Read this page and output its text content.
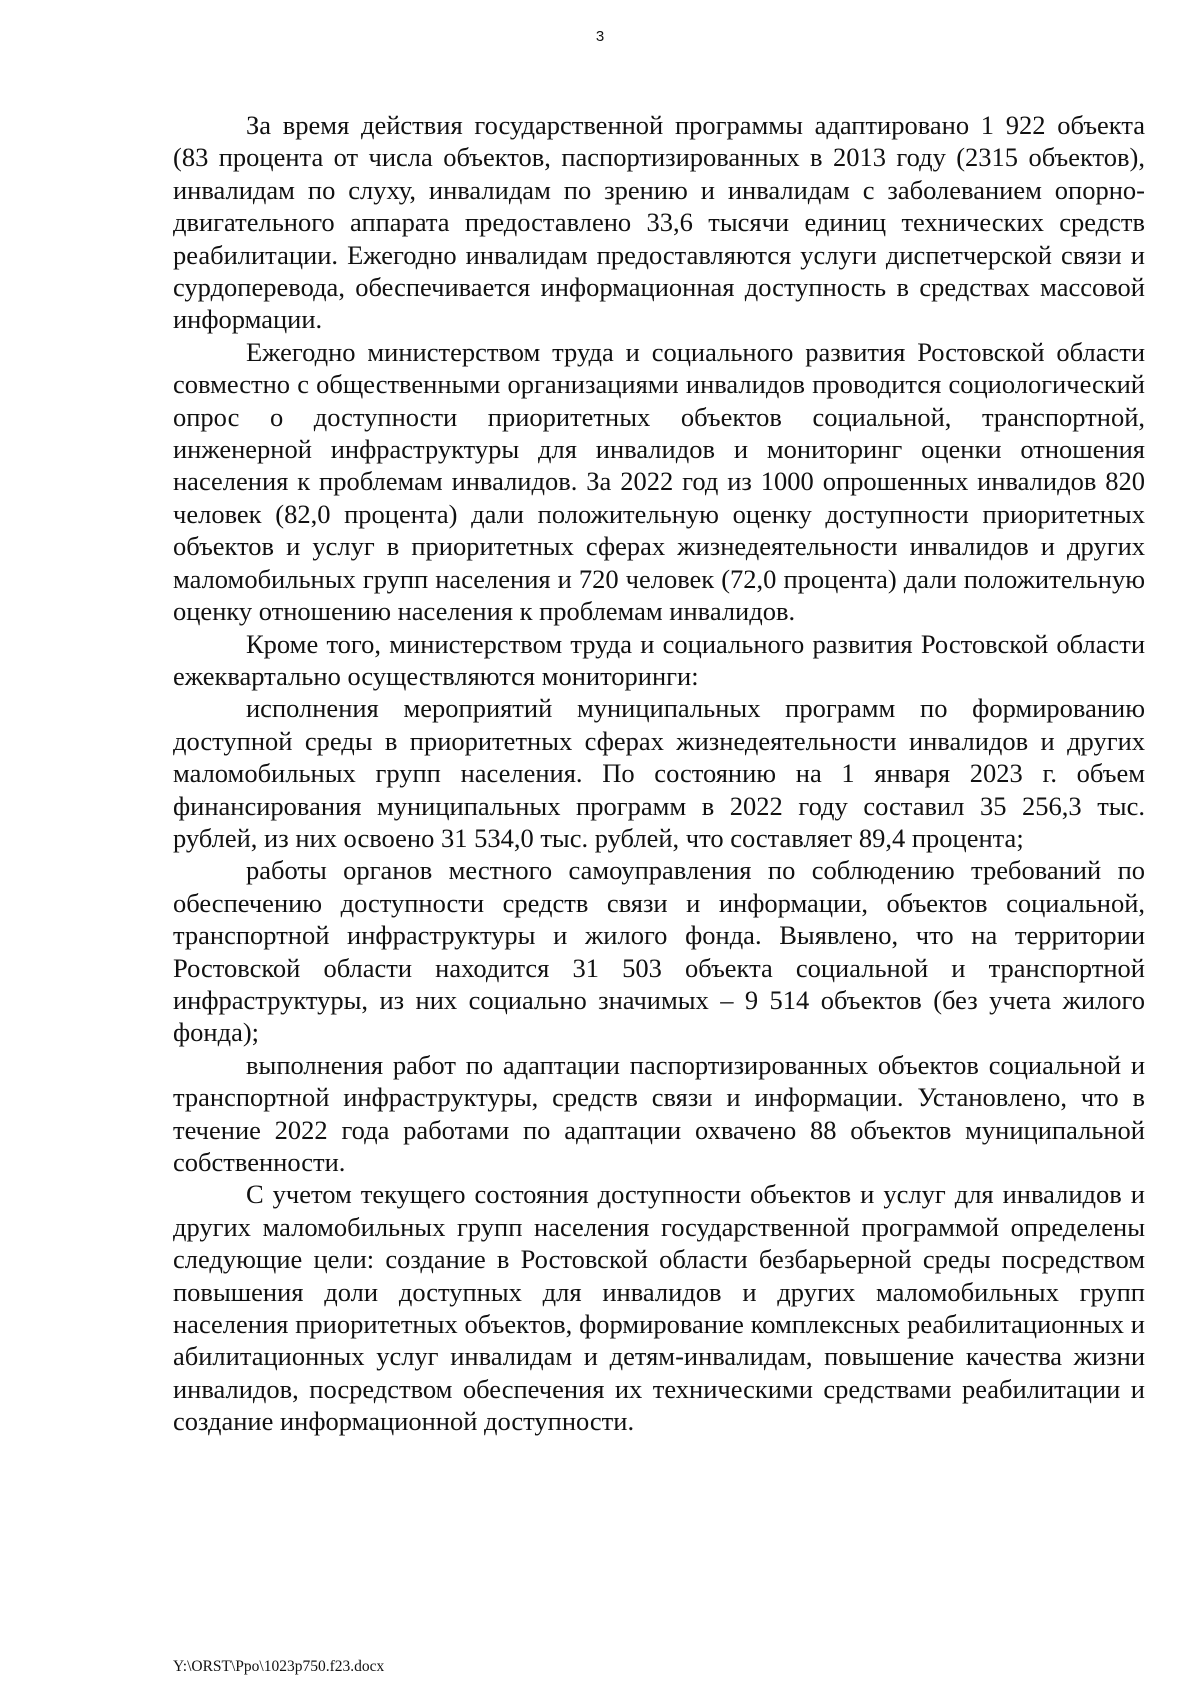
3

За время действия государственной программы адаптировано 1 922 объекта (83 процента от числа объектов, паспортизированных в 2013 году (2315 объектов), инвалидам по слуху, инвалидам по зрению и инвалидам с заболеванием опорно-двигательного аппарата предоставлено 33,6 тысячи единиц технических средств реабилитации. Ежегодно инвалидам предоставляются услуги диспетчерской связи и сурдоперевода, обеспечивается информационная доступность в средствах массовой информации.

Ежегодно министерством труда и социального развития Ростовской области совместно с общественными организациями инвалидов проводится социологический опрос о доступности приоритетных объектов социальной, транспортной, инженерной инфраструктуры для инвалидов и мониторинг оценки отношения населения к проблемам инвалидов. За 2022 год из 1000 опрошенных инвалидов 820 человек (82,0 процента) дали положительную оценку доступности приоритетных объектов и услуг в приоритетных сферах жизнедеятельности инвалидов и других маломобильных групп населения и 720 человек (72,0 процента) дали положительную оценку отношению населения к проблемам инвалидов.

Кроме того, министерством труда и социального развития Ростовской области ежеквартально осуществляются мониторинги:

исполнения мероприятий муниципальных программ по формированию доступной среды в приоритетных сферах жизнедеятельности инвалидов и других маломобильных групп населения. По состоянию на 1 января 2023 г. объем финансирования муниципальных программ в 2022 году составил 35 256,3 тыс. рублей, из них освоено 31 534,0 тыс. рублей, что составляет 89,4 процента;

работы органов местного самоуправления по соблюдению требований по обеспечению доступности средств связи и информации, объектов социальной, транспортной инфраструктуры и жилого фонда. Выявлено, что на территории Ростовской области находится 31 503 объекта социальной и транспортной инфраструктуры, из них социально значимых – 9 514 объектов (без учета жилого фонда);

выполнения работ по адаптации паспортизированных объектов социальной и транспортной инфраструктуры, средств связи и информации. Установлено, что в течение 2022 года работами по адаптации охвачено 88 объектов муниципальной собственности.

С учетом текущего состояния доступности объектов и услуг для инвалидов и других маломобильных групп населения государственной программой определены следующие цели: создание в Ростовской области безбарьерной среды посредством повышения доли доступных для инвалидов и других маломобильных групп населения приоритетных объектов, формирование комплексных реабилитационных и абилитационных услуг инвалидам и детям-инвалидам, повышение качества жизни инвалидов, посредством обеспечения их техническими средствами реабилитации и создание информационной доступности.

Y:\ORST\Ppo\1023p750.f23.docx
